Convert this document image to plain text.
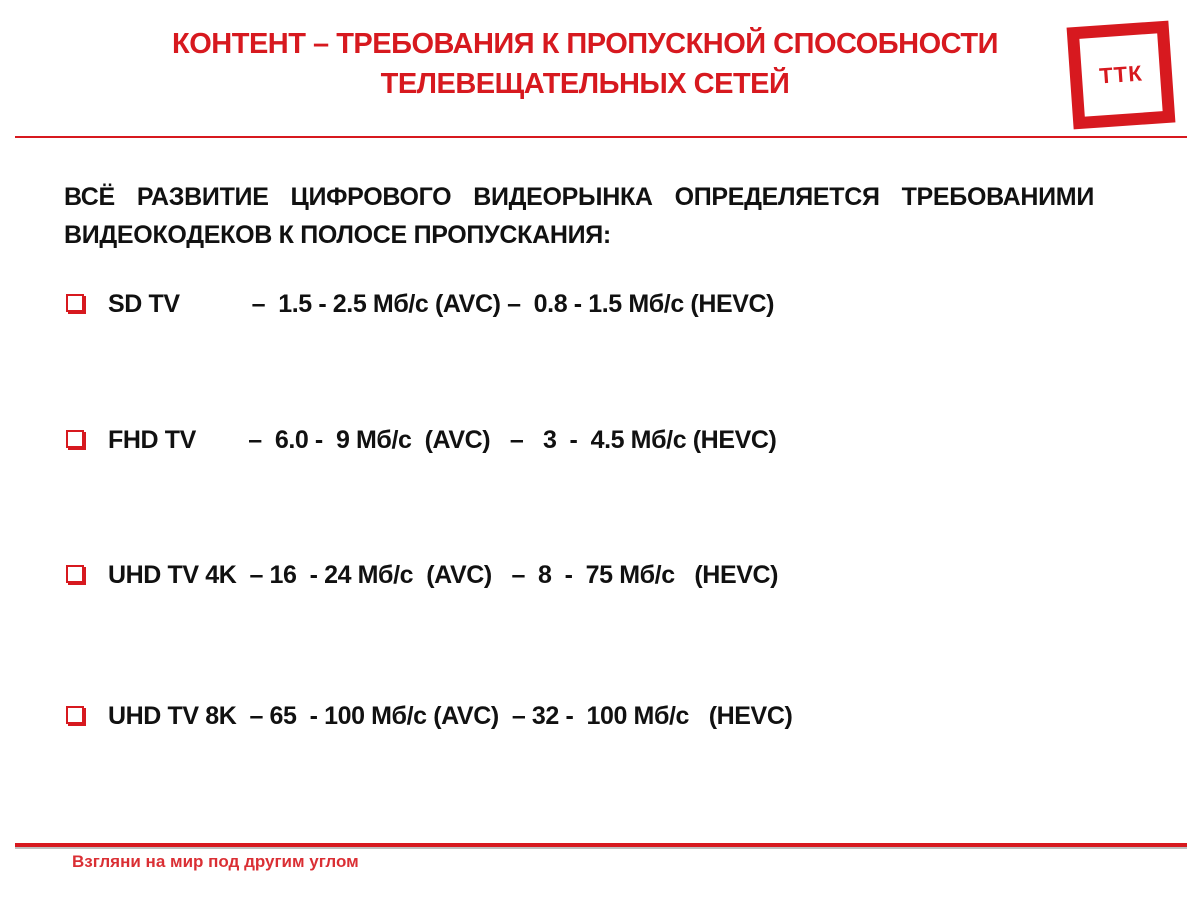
КОНТЕНТ – ТРЕБОВАНИЯ К ПРОПУСКНОЙ СПОСОБНОСТИ
ТЕЛЕВЕЩАТЕЛЬНЫХ СЕТЕЙ	ТТК
ВСЁ РАЗВИТИЕ ЦИФРОВОГО ВИДЕОРЫНКА ОПРЕДЕЛЯЕТСЯ ТРЕБОВАНИМИ ВИДЕОКОДЕКОВ К ПОЛОСЕ ПРОПУСКАНИЯ:

SD TV           –  1.5 - 2.5 Мб/с (AVC) –  0.8 - 1.5 Мб/с (HEVC)

FHD TV        –  6.0 -  9 Мб/с  (AVC)   –   3  -  4.5 Мб/с (HEVC)

UHD TV 4K  – 16  - 24 Мб/с  (AVC)   –  8  -  75 Мб/с   (HEVC)

UHD TV 8K  – 65  - 100 Мб/с (AVC)  – 32 -  100 Мб/с   (HEVC)

Взгляни на мир под другим углом
